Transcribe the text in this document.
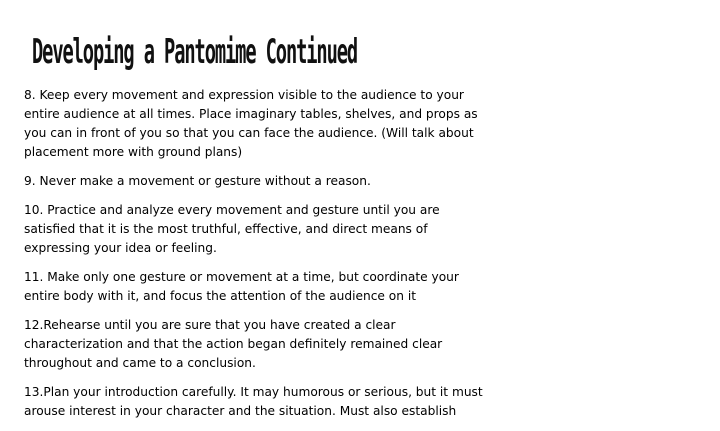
Developing a Pantomime Continued

8. Keep every movement and expression visible to the audience to your entire audience at all times. Place imaginary tables, shelves, and props as you can in front of you so that you can face the audience. (Will talk about placement more with ground plans)

9. Never make a movement or gesture without a reason.

10. Practice and analyze every movement and gesture until you are satisfied that it is the most truthful, effective, and direct means of expressing your idea or feeling.

11. Make only one gesture or movement at a time, but coordinate your entire body with it, and focus the attention of the audience on it

12.Rehearse until you are sure that you have created a clear characterization and that the action began definitely remained clear throughout and came to a conclusion.

13.Plan your introduction carefully. It may humorous or serious, but it must arouse interest in your character and the situation. Must also establish
